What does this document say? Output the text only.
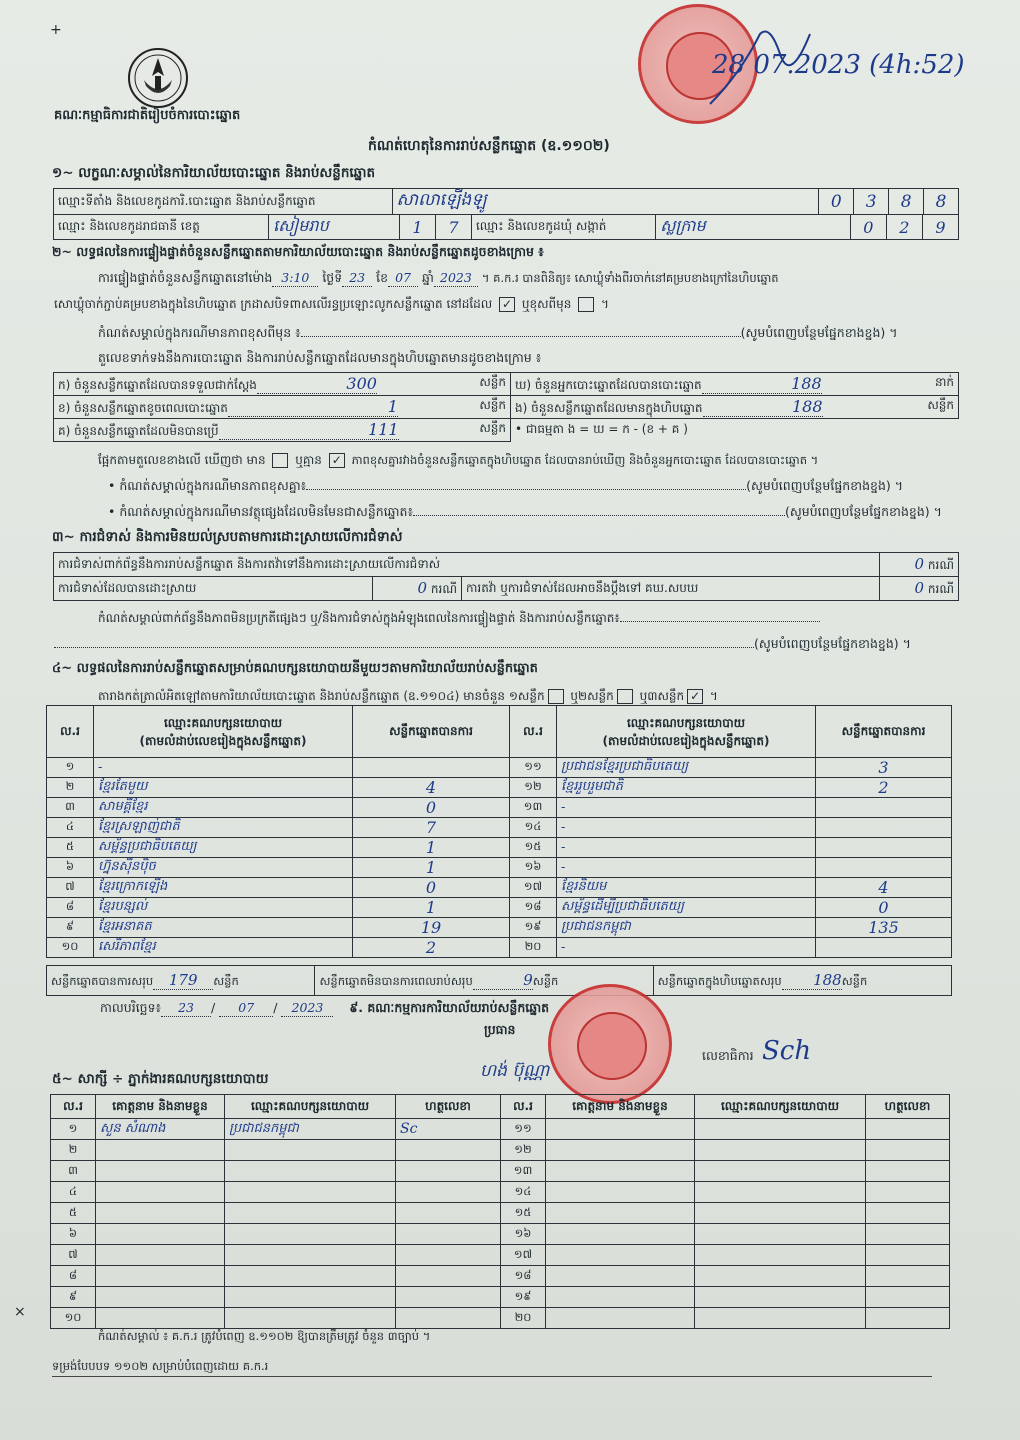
+
គណៈកម្មាធិការជាតិរៀបចំការបោះឆ្នោត
28 07.2023 (4h:52)
កំណត់ហេតុនៃការរាប់សន្លឹកឆ្នោត (ឧ.១១០២)
១~ លក្ខណៈសម្គាល់នៃការិយាល័យបោះឆ្នោត និងរាប់សន្លឹកឆ្នោត
ឈ្មោះទីតាំង និងលេខកូដការិ.បោះឆ្នោត និងរាប់សន្លឹកឆ្នោត	សាលាឡើងឡូ	0	3	8	8
ឈ្មោះ និងលេខកូដរាជធានី ខេត្ត	សៀមរាប	1	7	ឈ្មោះ និងលេខកូដឃុំ សង្កាត់	ស្លក្រាម	0	2	9
២~ លទ្ធផលនៃការផ្ទៀងផ្ទាត់ចំនួនសន្លឹកឆ្នោតតាមការិយាល័យបោះឆ្នោត និងរាប់សន្លឹកឆ្នោតដូចខាងក្រោម ៖
ការផ្ទៀងផ្ទាត់ចំនួនសន្លឹកឆ្នោតនៅម៉ោង 3:10 ថ្ងៃទី 23 ខែ 07 ឆ្នាំ 2023 ។ គ.ក.រ បានពិនិត្យ៖ សោឃ្លុំទាំងពីរចាក់នៅគម្របខាងក្រៅនៃហិបឆ្នោត
សោឃ្លុំចាក់ភ្ជាប់គម្របខាងក្នុងនៃហិបឆ្នោត ក្រដាសបិទពាសលើរន្ធប្រឡោះលូកសន្លឹកឆ្នោត នៅដដែល ✓ ឬខុសពីមុន  ។
កំណត់សម្គាល់ក្នុងករណីមានភាពខុសពីមុន ៖	(សូមបំពេញបន្ថែមផ្នែកខាងខ្នង) ។
តួលេខទាក់ទងនឹងការបោះឆ្នោត និងការរាប់សន្លឹកឆ្នោតដែលមានក្នុងហិបឆ្នោតមានដូចខាងក្រោម ៖
ក) ចំនួនសន្លឹកឆ្នោតដែលបានទទួលជាក់ស្តែង 300 សន្លឹក	ឃ) ចំនួនអ្នកបោះឆ្នោតដែលបានបោះឆ្នោត 188 នាក់

ខ) ចំនួនសន្លឹកឆ្នោតខូចពេលបោះឆ្នោត 1 សន្លឹក	ង) ចំនួនសន្លឹកឆ្នោតដែលមានក្នុងហិបឆ្នោត 188 សន្លឹក

គ) ចំនួនសន្លឹកឆ្នោតដែលមិនបានប្រើ 111 សន្លឹក	• ជាធម្មតា ង = ឃ = ក - (ខ + គ )
ផ្អែកតាមតួលេខខាងលើ ឃើញថា មាន ឬគ្មាន ✓ ភាពខុសគ្នារវាងចំនួនសន្លឹកឆ្នោតក្នុងហិបឆ្នោត ដែលបានរាប់ឃើញ និងចំនួនអ្នកបោះឆ្នោត ដែលបានបោះឆ្នោត ។
• កំណត់សម្គាល់ក្នុងករណីមានភាពខុសគ្នា៖	(សូមបំពេញបន្ថែមផ្នែកខាងខ្នង) ។
• កំណត់សម្គាល់ក្នុងករណីមានវត្ថុផ្សេងដែលមិនមែនជាសន្លឹកឆ្នោត៖	(សូមបំពេញបន្ថែមផ្នែកខាងខ្នង) ។
៣~ ការជំទាស់ និងការមិនយល់ស្របតាមការដោះស្រាយលើការជំទាស់
ការជំទាស់ពាក់ព័ន្ធនឹងការរាប់សន្លឹកឆ្នោត និងការតវ៉ាទៅនឹងការដោះស្រាយលើការជំទាស់			0 ករណី
ការជំទាស់ដែលបានដោះស្រាយ	0 ករណី	ការតវ៉ា ឬការជំទាស់ដែលអាចនឹងប្តឹងទៅ គឃ.សបឃ	0 ករណី
កំណត់សម្គាល់ពាក់ព័ន្ធនឹងភាពមិនប្រក្រតីផ្សេងៗ ឬ/និងការជំទាស់ក្នុងអំឡុងពេលនៃការផ្ទៀងផ្ទាត់ និងការរាប់សន្លឹកឆ្នោត៖
(សូមបំពេញបន្ថែមផ្នែកខាងខ្នង) ។
៤~ លទ្ធផលនៃការរាប់សន្លឹកឆ្នោតសម្រាប់គណបក្សនយោបាយនីមួយៗតាមការិយាល័យរាប់សន្លឹកឆ្នោត
តារាងកត់ត្រាលំអិតឡៅតាមការិយាល័យបោះឆ្នោត និងរាប់សន្លឹកឆ្នោត (ឧ.១១០៤) មានចំនួន ១សន្លឹក ឬ២សន្លឹក ឬ៣សន្លឹក ✓ ។
ល.រ	ឈ្មោះគណបក្សនយោបាយ
(តាមលំដាប់លេខរៀងក្នុងសន្លឹកឆ្នោត)	សន្លឹកឆ្នោតបានការ	ល.រ	ឈ្មោះគណបក្សនយោបាយ
(តាមលំដាប់លេខរៀងក្នុងសន្លឹកឆ្នោត)	សន្លឹកឆ្នោតបានការ
១	-		១១	ប្រជាជនខ្មែរប្រជាធិបតេយ្យ	3
២	ខ្មែរតែមួយ	4	១២	ខ្មែររួបរួមជាតិ	2
៣	សាមគ្គីខ្មែរ	0	១៣	-	
៤	ខ្មែរស្រឡាញ់ជាតិ	7	១៤	-	
៥	សម្ព័ន្ធប្រជាធិបតេយ្យ	1	១៥	-	
៦	ហ្វ៊ុនស៊ីនប៉ិច	1	១៦	-	
៧	ខ្មែរក្រោកឡើង	0	១៧	ខ្មែរនិយម	4
៨	ខ្មែរបន្សល់	1	១៨	សម្ព័ន្ធដើម្បីប្រជាធិបតេយ្យ	0
៩	ខ្មែរអនាគត	19	១៩	ប្រជាជនកម្ពុជា	135
១០	សេរីភាពខ្មែរ	2	២០	-	
សន្លឹកឆ្នោតបានការសរុប 179 សន្លឹក	សន្លឹកឆ្នោតមិនបានការពេលរាប់សរុប	9សន្លឹក	សន្លឹកឆ្នោតក្នុងហិបឆ្នោតសរុប 188សន្លឹក
កាលបរិច្ឆេទ៖ 23 / 07 / 2023 ៩. គណៈកម្មការការិយាល័យរាប់សន្លឹកឆ្នោត
ប្រធាន
ហង់ ប៊ុណ្ណា
លេខាធិការ Sch
៥~ សាក្សី ÷ ភ្នាក់ងារគណបក្សនយោបាយ
ល.រ	គោត្តនាម និងនាមខ្លួន	ឈ្មោះគណបក្សនយោបាយ	ហត្ថលេខា	ល.រ	គោត្តនាម និងនាមខ្លួន	ឈ្មោះគណបក្សនយោបាយ	ហត្ថលេខា
១	សួន សំណាង	ប្រជាជនកម្ពុជា	Sc	១១			
២				១២			
៣				១៣			
៤				១៤			
៥				១៥			
៦				១៦			
៧				១៧			
៨				១៨			
៩				១៩			
១០				២០			
កំណត់សម្គាល់ ៖ គ.ក.រ ត្រូវបំពេញ ឧ.១១០២ ឱ្យបានត្រឹមត្រូវ ចំនួន ៣ច្បាប់ ។
×
ទម្រង់បែបបទ ១១០២ សម្រាប់បំពេញដោយ គ.ក.រ
